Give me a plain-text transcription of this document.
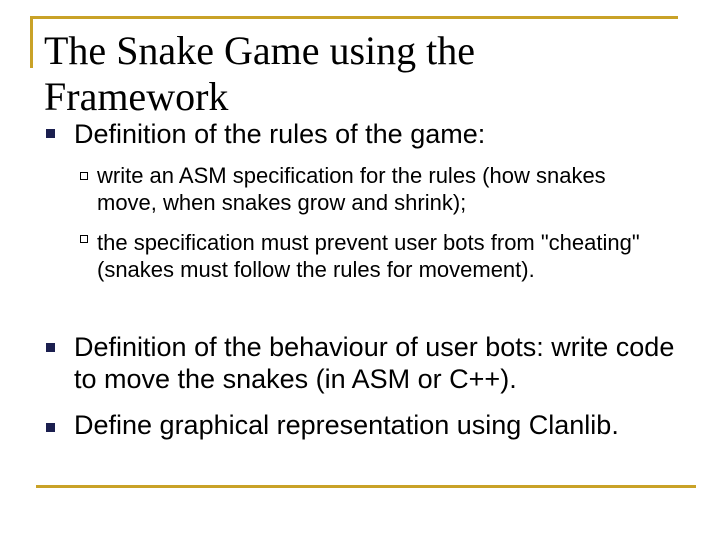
The Snake Game using the Framework
Definition of the rules of the game:
write an ASM specification for the rules (how snakes move, when snakes grow and shrink);
the specification must prevent user bots from "cheating" (snakes must follow the rules for movement).
Definition of the behaviour of user bots: write code to move the snakes (in ASM or C++).
Define graphical representation using Clanlib.
